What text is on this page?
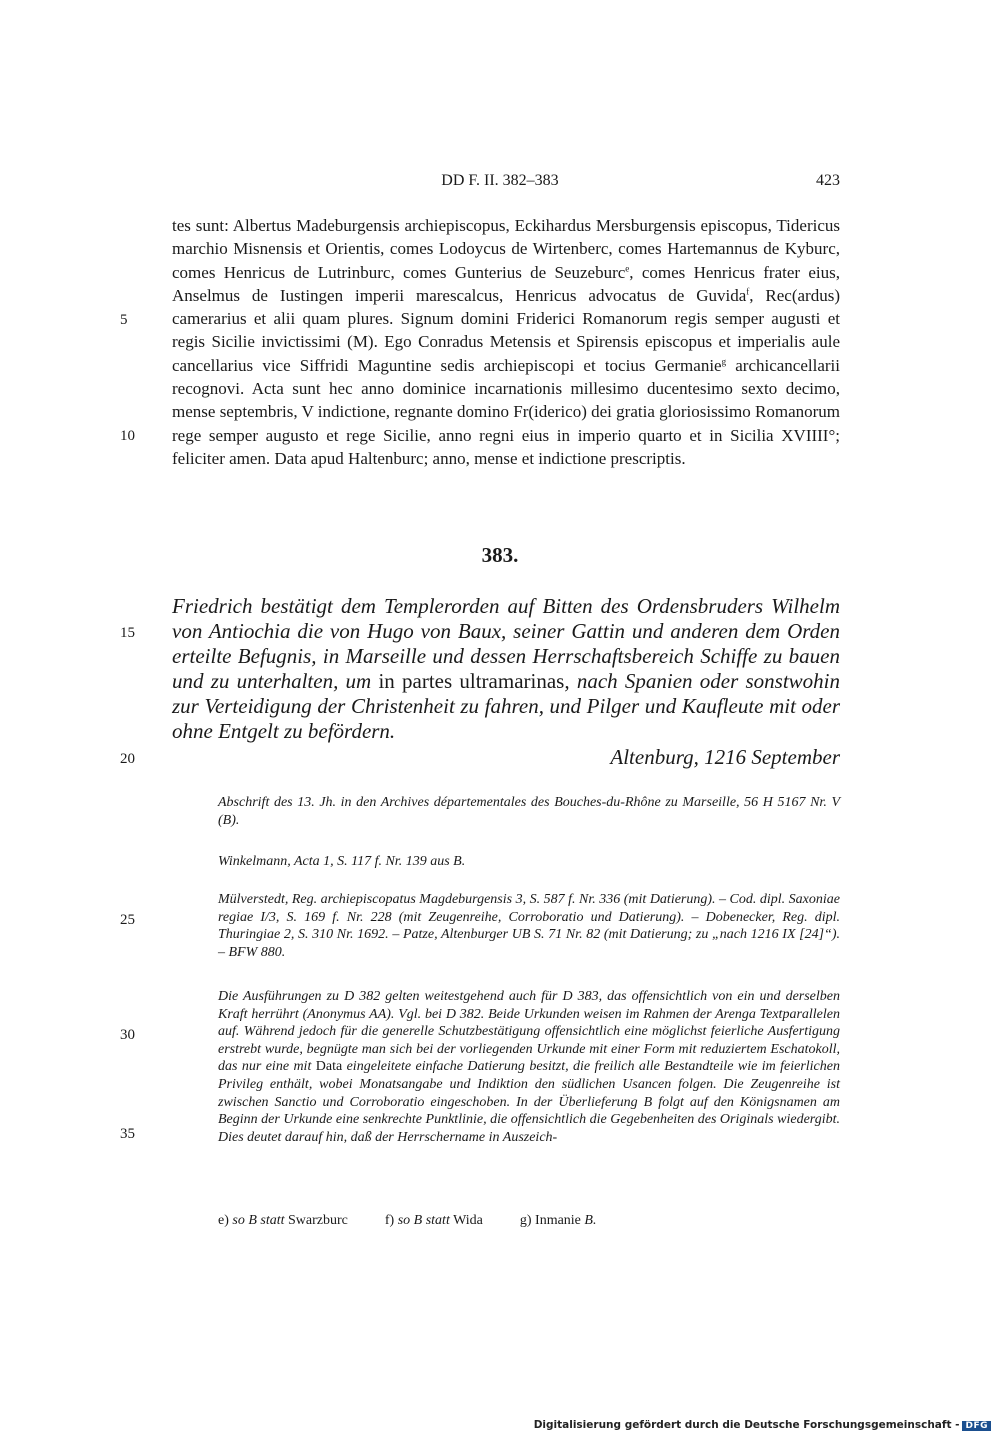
DD F. II. 382–383	423
5
10
15
20
25
30
35

tes sunt: Albertus Madeburgensis archiepiscopus, Eckihardus Mersburgensis episcopus, Tidericus marchio Misnensis et Orientis, comes Lodoycus de Wirtenberc, comes Hartemannus de Kyburc, comes Henricus de Lutrinburc, comes Gunterius de Seuzeburc$^e$, comes Henricus frater eius, Anselmus de Iustingen imperii marescalcus, Henricus advocatus de Guvida$^f$, Rec(ardus) camerarius et alii quam plures. Signum domini Friderici Romanorum regis semper augusti et regis Sicilie invictissimi (M). Ego Conradus Metensis et Spirensis episcopus et imperialis aule cancellarius vice Siffridi Maguntine sedis archiepiscopi et tocius Germanie$^g$ archicancellarii recognovi. Acta sunt hec anno dominice incarnationis millesimo ducentesimo sexto decimo, mense septembris, V indictione, regnante domino Fr(iderico) dei gratia gloriosissimo Romanorum rege semper augusto et rege Sicilie, anno regni eius in imperio quarto et in Sicilia XVIIII°; feliciter amen. Data apud Haltenburc; anno, mense et indictione prescriptis.

383.
Friedrich bestätigt dem Templerorden auf Bitten des Ordensbruders Wilhelm von Antiochia die von Hugo von Baux, seiner Gattin und anderen dem Orden erteilte Befugnis, in Marseille und dessen Herrschaftsbereich Schiffe zu bauen und zu unterhalten, um in partes ultramarinas, nach Spanien oder sonstwohin zur Verteidigung der Christenheit zu fahren, und Pilger und Kaufleute mit oder ohne Entgelt zu befördern.
Altenburg, 1216 September
Abschrift des 13. Jh. in den Archives départementales des Bouches-du-Rhône zu Marseille, 56 H 5167 Nr. V (B).
Winkelmann, Acta 1, S. 117 f. Nr. 139 aus B.
Mülverstedt, Reg. archiepiscopatus Magdeburgensis 3, S. 587 f. Nr. 336 (mit Datierung). – Cod. dipl. Saxoniae regiae I/3, S. 169 f. Nr. 228 (mit Zeugenreihe, Corroboratio und Datierung). – Dobenecker, Reg. dipl. Thuringiae 2, S. 310 Nr. 1692. – Patze, Altenburger UB S. 71 Nr. 82 (mit Datierung; zu „nach 1216 IX [24]“). – BFW 880.
Die Ausführungen zu D 382 gelten weitestgehend auch für D 383, das offensichtlich von ein und derselben Kraft herrührt (Anonymus AA). Vgl. bei D 382. Beide Urkunden weisen im Rahmen der Arenga Textparallelen auf. Während jedoch für die generelle Schutzbestätigung offensichtlich eine möglichst feierliche Ausfertigung erstrebt wurde, begnügte man sich bei der vorliegenden Urkunde mit einer Form mit reduziertem Eschatokoll, das nur eine mit Data eingeleitete einfache Datierung besitzt, die freilich alle Bestandteile wie im feierlichen Privileg enthält, wobei Monatsangabe und Indiktion den südlichen Usancen folgen. Die Zeugenreihe ist zwischen Sanctio und Corroboratio eingeschoben. In der Überlieferung B folgt auf den Königsnamen am Beginn der Urkunde eine senkrechte Punktlinie, die offensichtlich die Gegebenheiten des Originals wiedergibt. Dies deutet darauf hin, daß der Herrschername in Auszeich-
e) so B statt Swarzburc	f) so B statt Wida	g) Inmanie B.
Digitalisierung gefördert durch die Deutsche Forschungsgemeinschaft - DFG
